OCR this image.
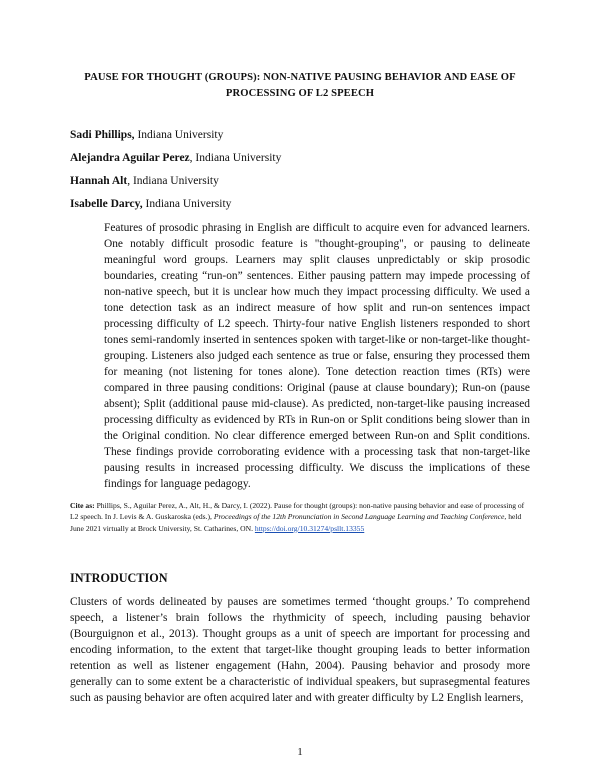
PAUSE FOR THOUGHT (GROUPS): NON-NATIVE PAUSING BEHAVIOR AND EASE OF PROCESSING OF L2 SPEECH
Sadi Phillips, Indiana University
Alejandra Aguilar Perez, Indiana University
Hannah Alt, Indiana University
Isabelle Darcy, Indiana University
Features of prosodic phrasing in English are difficult to acquire even for advanced learners. One notably difficult prosodic feature is "thought-grouping", or pausing to delineate meaningful word groups. Learners may split clauses unpredictably or skip prosodic boundaries, creating “run-on” sentences. Either pausing pattern may impede processing of non-native speech, but it is unclear how much they impact processing difficulty. We used a tone detection task as an indirect measure of how split and run-on sentences impact processing difficulty of L2 speech. Thirty-four native English listeners responded to short tones semi-randomly inserted in sentences spoken with target-like or non-target-like thought-grouping. Listeners also judged each sentence as true or false, ensuring they processed them for meaning (not listening for tones alone). Tone detection reaction times (RTs) were compared in three pausing conditions: Original (pause at clause boundary); Run-on (pause absent); Split (additional pause mid-clause). As predicted, non-target-like pausing increased processing difficulty as evidenced by RTs in Run-on or Split conditions being slower than in the Original condition. No clear difference emerged between Run-on and Split conditions. These findings provide corroborating evidence with a processing task that non-target-like pausing results in increased processing difficulty. We discuss the implications of these findings for language pedagogy.
Cite as: Phillips, S., Aguilar Perez, A., Alt, H., & Darcy, I. (2022). Pause for thought (groups): non-native pausing behavior and ease of processing of L2 speech. In J. Levis & A. Guskaroska (eds.), Proceedings of the 12th Pronunciation in Second Language Learning and Teaching Conference, held June 2021 virtually at Brock University, St. Catharines, ON. https://doi.org/10.31274/psllt.13355
INTRODUCTION
Clusters of words delineated by pauses are sometimes termed ‘thought groups.’ To comprehend speech, a listener’s brain follows the rhythmicity of speech, including pausing behavior (Bourguignon et al., 2013). Thought groups as a unit of speech are important for processing and encoding information, to the extent that target-like thought grouping leads to better information retention as well as listener engagement (Hahn, 2004). Pausing behavior and prosody more generally can to some extent be a characteristic of individual speakers, but suprasegmental features such as pausing behavior are often acquired later and with greater difficulty by L2 English learners,
1
